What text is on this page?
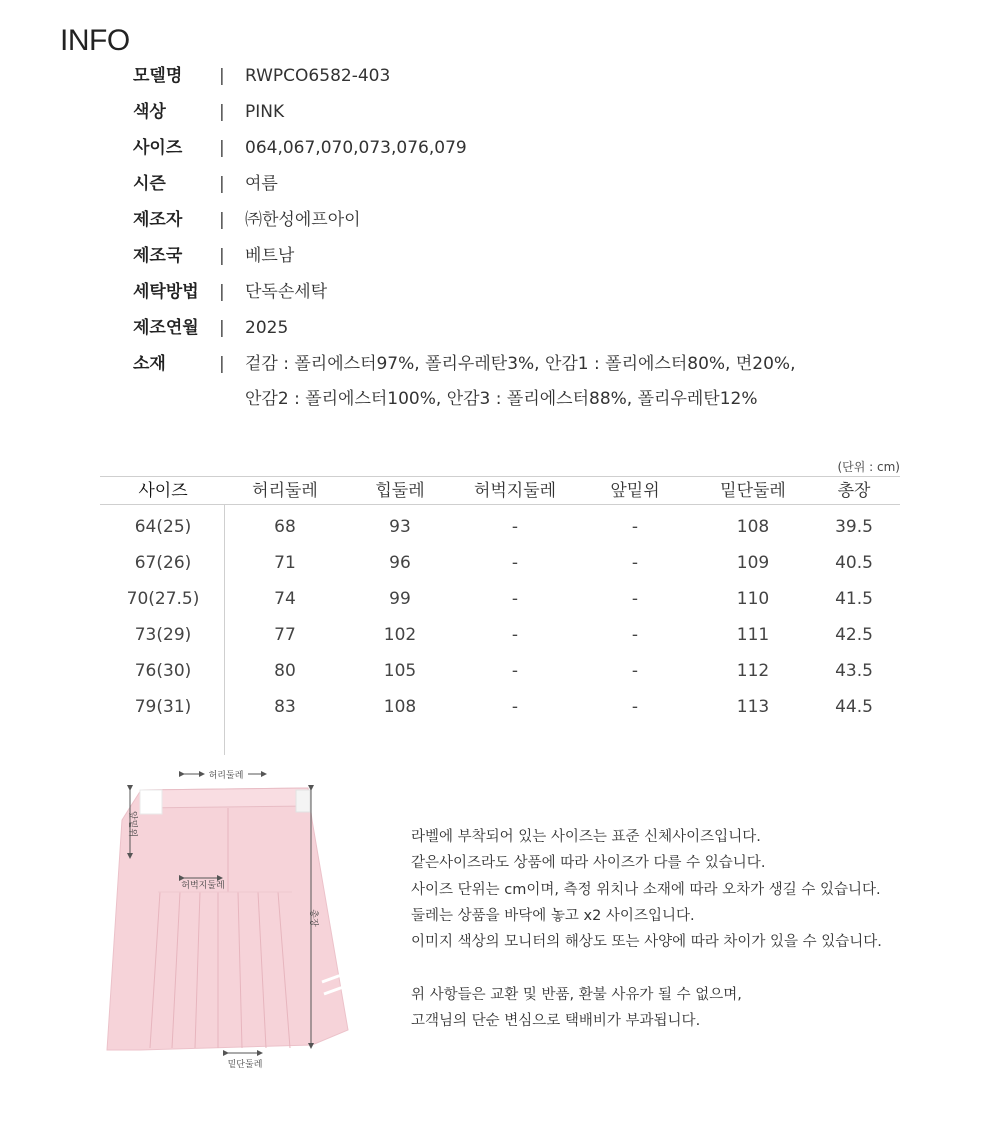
INFO
모델명	| RWPCO6582-403
색상	| PINK
사이즈	| 064,067,070,073,076,079
시즌	| 여름
제조자	| ㈜한성에프아이
제조국	| 베트남
세탁방법	| 단독손세탁
제조연월	| 2025
소재	| 겉감 : 폴리에스터97%, 폴리우레탄3%, 안감1 : 폴리에스터80%, 면20%,
안감2 : 폴리에스터100%, 안감3 : 폴리에스터88%, 폴리우레탄12%
(단위 : cm)
사이즈	허리둘레	힙둘레	허벅지둘레	앞밑위	밑단둘레	총장
64(25)	68	93	-	-	108	39.5
67(26)	71	96	-	-	109	40.5
70(27.5)	74	99	-	-	110	41.5
73(29)	77	102	-	-	111	42.5
76(30)	80	105	-	-	112	43.5
79(31)	83	108	-	-	113	44.5
허리둘레
앞밑위
허벅지둘레
총장
밑단둘레
라벨에 부착되어 있는 사이즈는 표준 신체사이즈입니다.
같은사이즈라도 상품에 따라 사이즈가 다를 수 있습니다.
사이즈 단위는 cm이며, 측정 위치나 소재에 따라 오차가 생길 수 있습니다.
둘레는 상품을 바닥에 놓고 x2 사이즈입니다.
이미지 색상의 모니터의 해상도 또는 사양에 따라 차이가 있을 수 있습니다.
위 사항들은 교환 및 반품, 환불 사유가 될 수 없으며,
고객님의 단순 변심으로 택배비가 부과됩니다.
